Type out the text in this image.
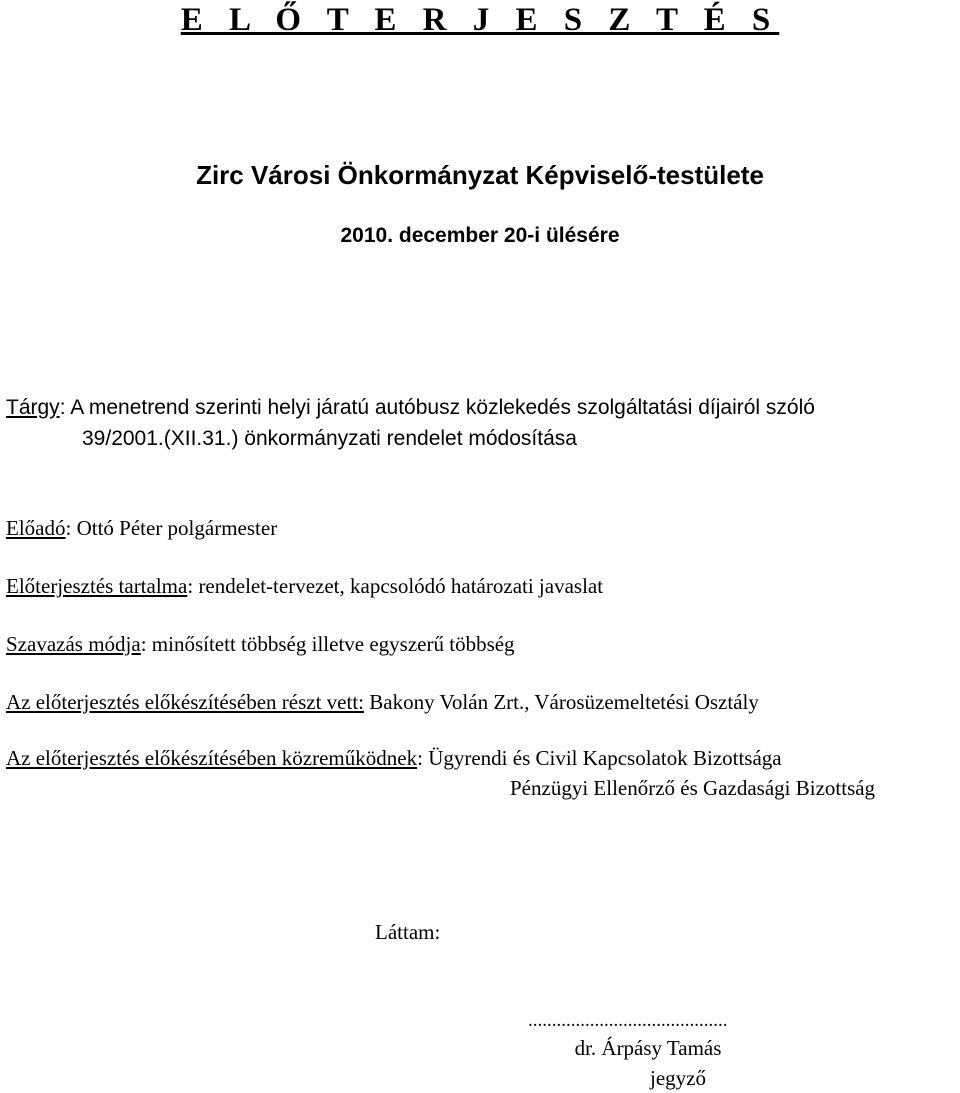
E L Ő T E R J E S Z T É S
Zirc Városi Önkormányzat Képviselő-testülete
2010. december 20-i ülésére
Tárgy: A menetrend szerinti helyi járatú autóbusz közlekedés szolgáltatási díjairól szóló
39/2001.(XII.31.) önkormányzati rendelet módosítása
Előadó: Ottó Péter polgármester
Előterjesztés tartalma: rendelet-tervezet, kapcsolódó határozati javaslat
Szavazás módja: minősített többség illetve egyszerű többség
Az előterjesztés előkészítésében részt vett: Bakony Volán Zrt., Városüzemeltetési Osztály
Az előterjesztés előkészítésében közreműködnek: Ügyrendi és Civil Kapcsolatok Bizottsága
Pénzügyi Ellenőrző és Gazdasági Bizottság
Láttam:
..........................................
dr. Árpásy Tamás
jegyző
